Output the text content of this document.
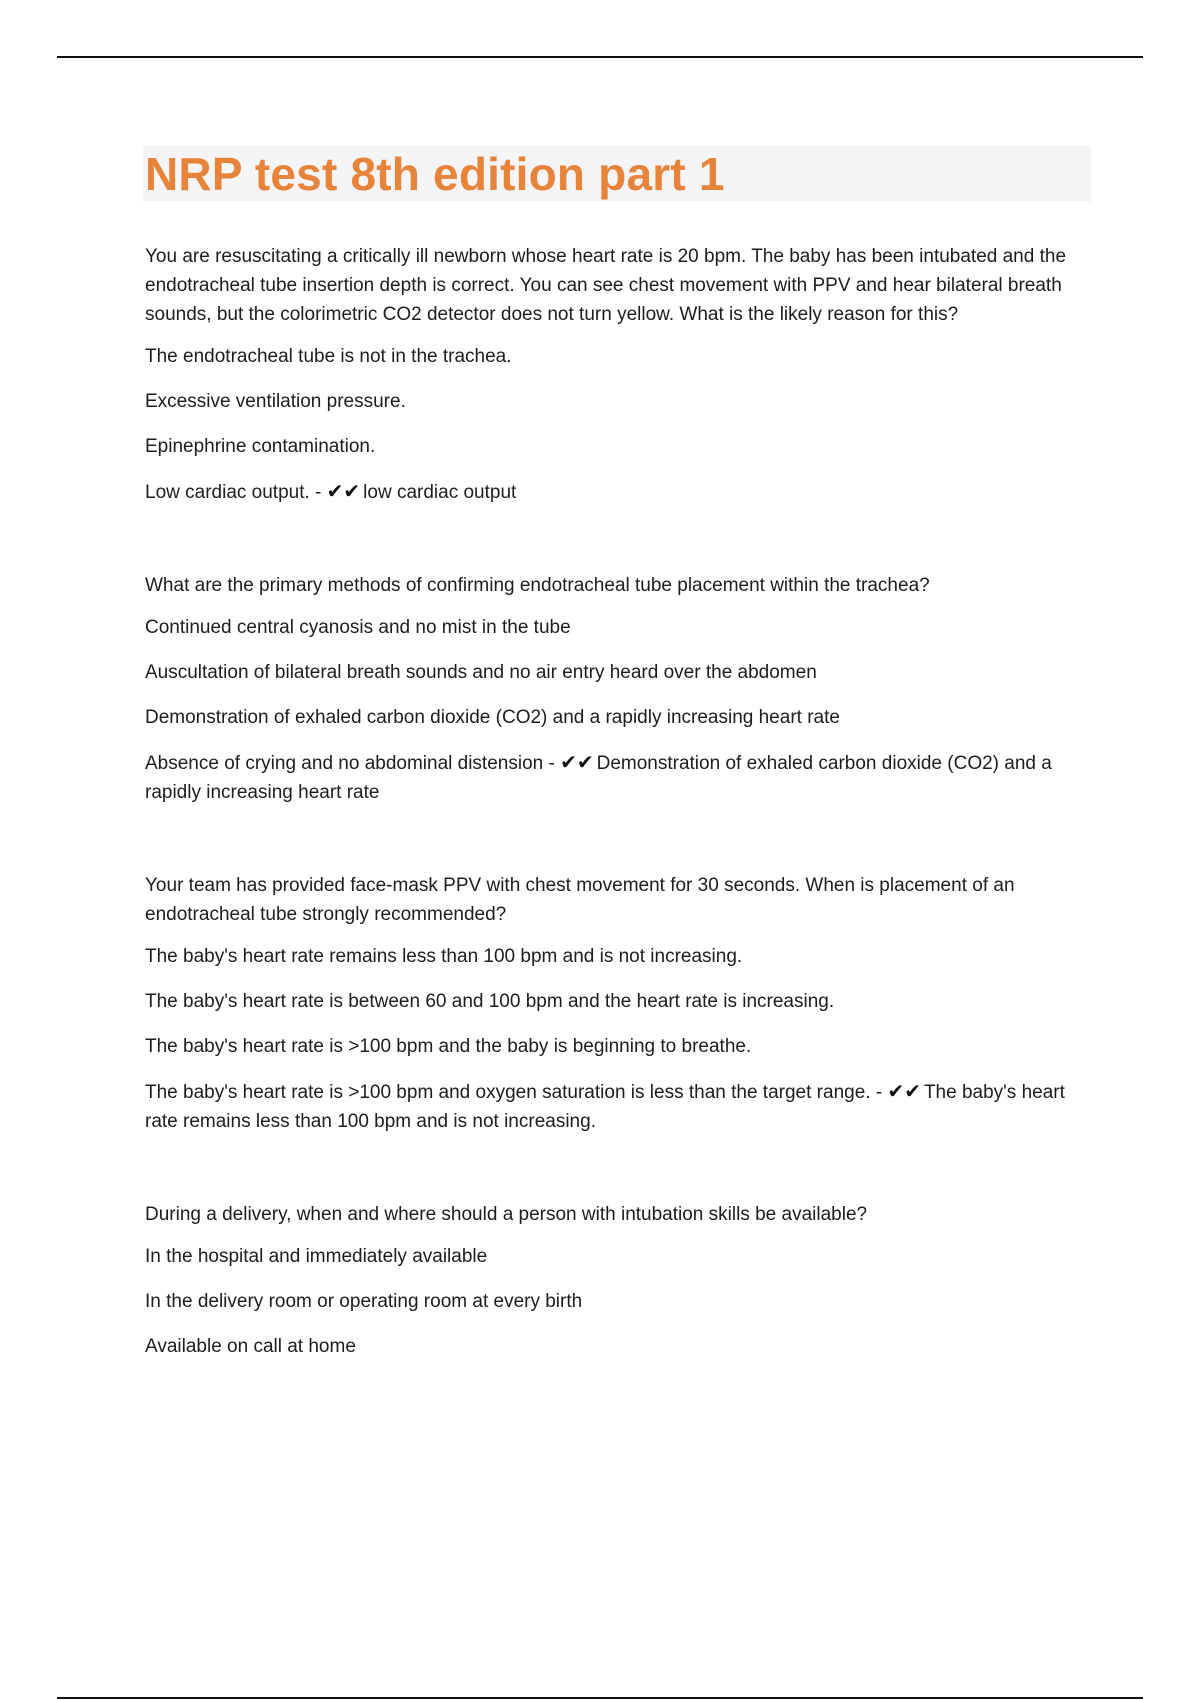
NRP test 8th edition part 1

You are resuscitating a critically ill newborn whose heart rate is 20 bpm. The baby has been intubated and the endotracheal tube insertion depth is correct. You can see chest movement with PPV and hear bilateral breath sounds, but the colorimetric CO2 detector does not turn yellow. What is the likely reason for this?

The endotracheal tube is not in the trachea.

Excessive ventilation pressure.

Epinephrine contamination.

Low cardiac output. - ✔✔ low cardiac output

What are the primary methods of confirming endotracheal tube placement within the trachea?

Continued central cyanosis and no mist in the tube

Auscultation of bilateral breath sounds and no air entry heard over the abdomen

Demonstration of exhaled carbon dioxide (CO2) and a rapidly increasing heart rate

Absence of crying and no abdominal distension - ✔✔ Demonstration of exhaled carbon dioxide (CO2) and a rapidly increasing heart rate

Your team has provided face-mask PPV with chest movement for 30 seconds. When is placement of an endotracheal tube strongly recommended?

The baby's heart rate remains less than 100 bpm and is not increasing.

The baby's heart rate is between 60 and 100 bpm and the heart rate is increasing.

The baby's heart rate is >100 bpm and the baby is beginning to breathe.

The baby's heart rate is >100 bpm and oxygen saturation is less than the target range. - ✔✔ The baby's heart rate remains less than 100 bpm and is not increasing.

During a delivery, when and where should a person with intubation skills be available?

In the hospital and immediately available

In the delivery room or operating room at every birth

Available on call at home
